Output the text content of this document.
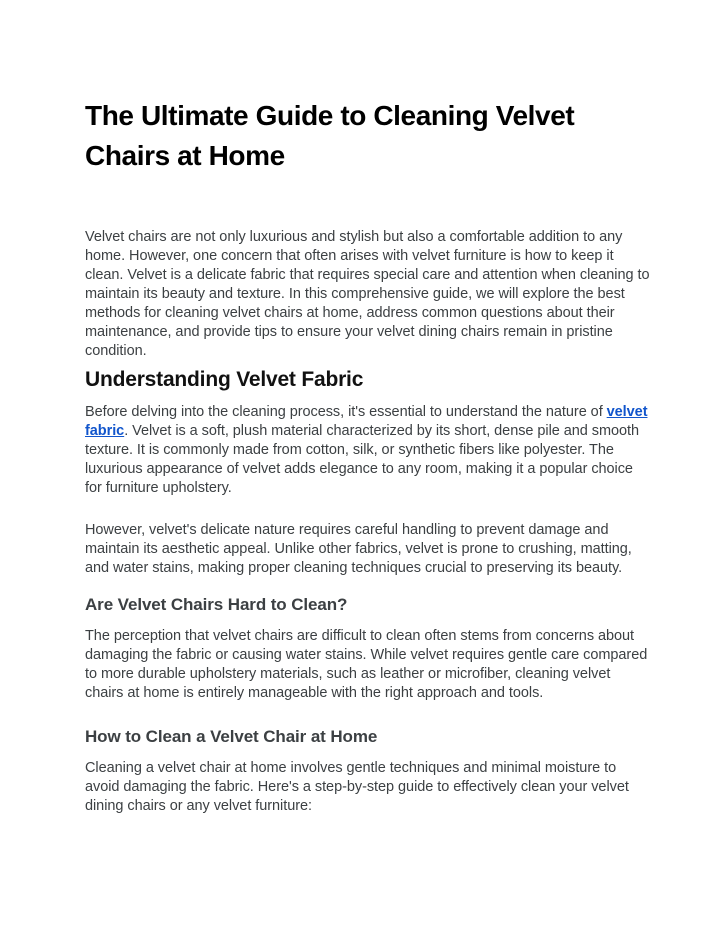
The Ultimate Guide to Cleaning Velvet Chairs at Home

Velvet chairs are not only luxurious and stylish but also a comfortable addition to any home. However, one concern that often arises with velvet furniture is how to keep it clean. Velvet is a delicate fabric that requires special care and attention when cleaning to maintain its beauty and texture. In this comprehensive guide, we will explore the best methods for cleaning velvet chairs at home, address common questions about their maintenance, and provide tips to ensure your velvet dining chairs remain in pristine condition.

Understanding Velvet Fabric

Before delving into the cleaning process, it's essential to understand the nature of velvet fabric. Velvet is a soft, plush material characterized by its short, dense pile and smooth texture. It is commonly made from cotton, silk, or synthetic fibers like polyester. The luxurious appearance of velvet adds elegance to any room, making it a popular choice for furniture upholstery.

However, velvet's delicate nature requires careful handling to prevent damage and maintain its aesthetic appeal. Unlike other fabrics, velvet is prone to crushing, matting, and water stains, making proper cleaning techniques crucial to preserving its beauty.

Are Velvet Chairs Hard to Clean?

The perception that velvet chairs are difficult to clean often stems from concerns about damaging the fabric or causing water stains. While velvet requires gentle care compared to more durable upholstery materials, such as leather or microfiber, cleaning velvet chairs at home is entirely manageable with the right approach and tools.

How to Clean a Velvet Chair at Home

Cleaning a velvet chair at home involves gentle techniques and minimal moisture to avoid damaging the fabric. Here's a step-by-step guide to effectively clean your velvet dining chairs or any velvet furniture:
